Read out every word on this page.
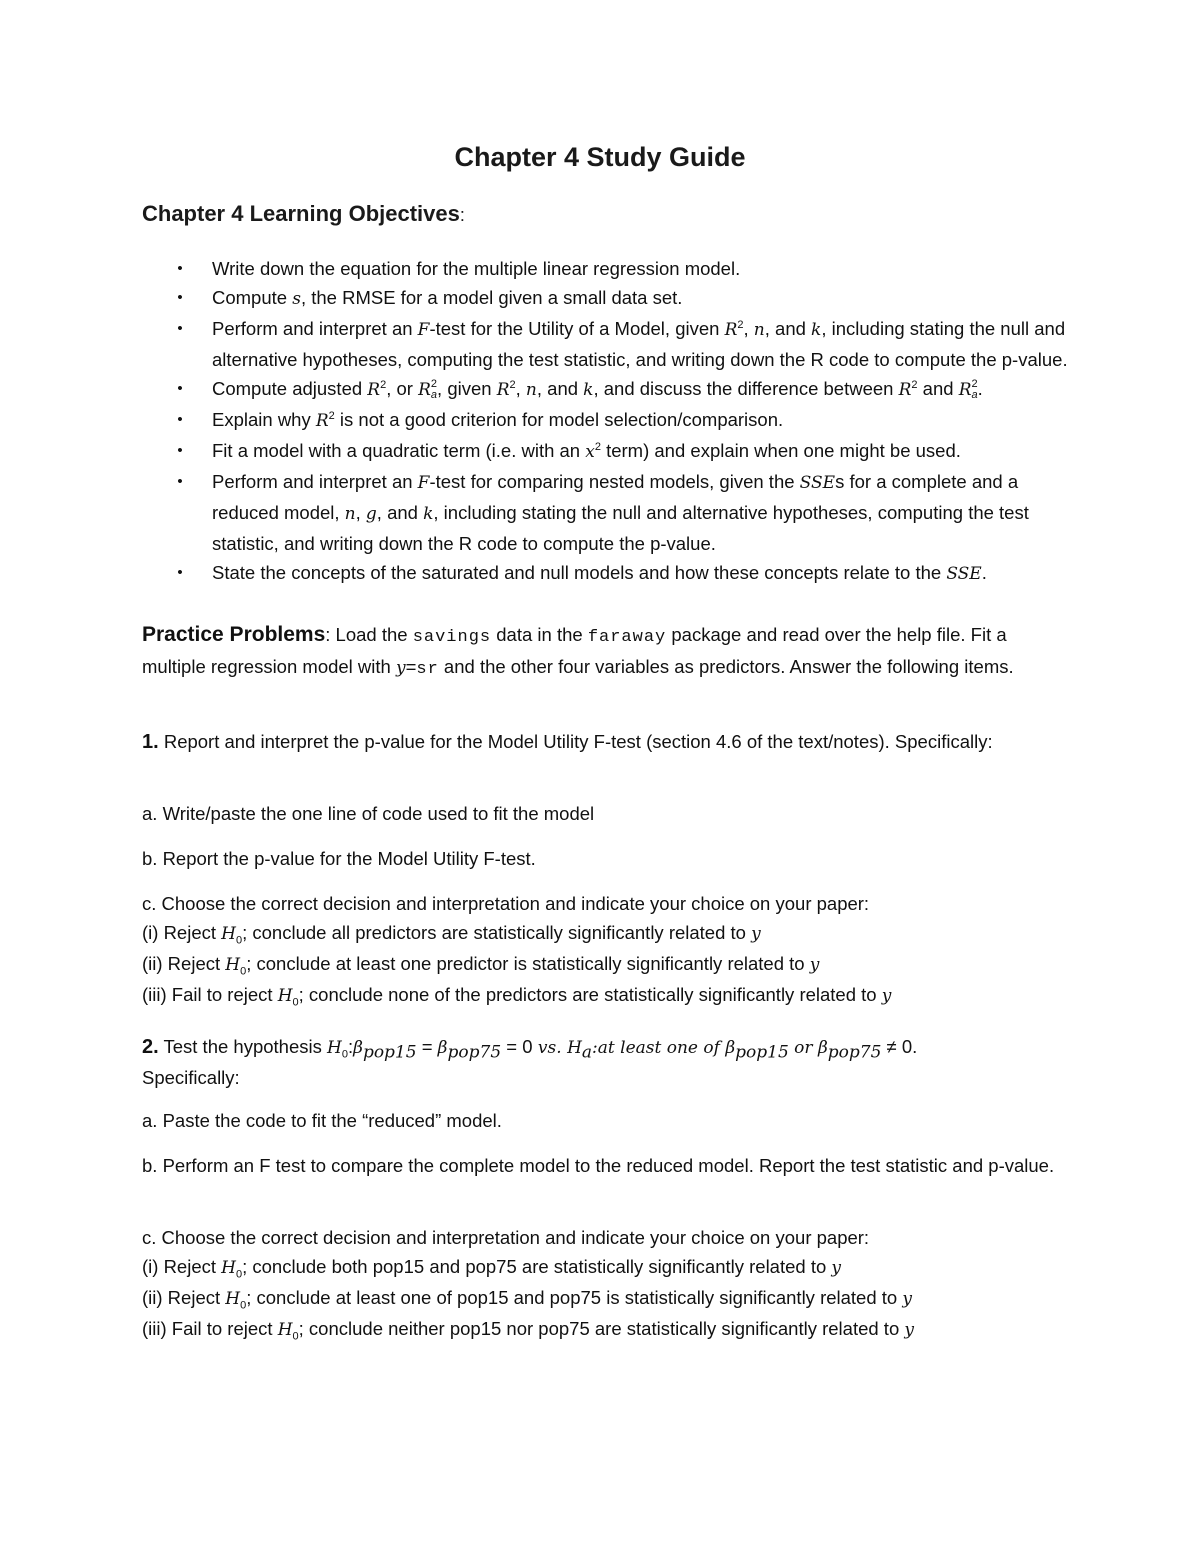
Chapter 4 Study Guide
Chapter 4 Learning Objectives:
•	Write down the equation for the multiple linear regression model.
•	Compute s, the RMSE for a model given a small data set.
•	Perform and interpret an F-test for the Utility of a Model, given $R^2$, n, and k, including stating the null and alternative hypotheses, computing the test statistic, and writing down the R code to compute the p-value.
•	Compute adjusted $R^2$, or R 2
a , given $R^2$, n, and k, and discuss the difference between $R^2$ and R 2
a .
•	Explain why $R^2$ is not a good criterion for model selection/comparison.
•	Fit a model with a quadratic term (i.e. with an $x^2$ term) and explain when one might be used.
•	Perform and interpret an F-test for comparing nested models, given the SSEs for a complete and a reduced model, n, g, and k, including stating the null and alternative hypotheses, computing the test statistic, and writing down the R code to compute the p-value.
•	State the concepts of the saturated and null models and how these concepts relate to the SSE.

Practice Problems: Load the savings data in the faraway package and read over the help file. Fit a multiple regression model with y=sr and the other four variables as predictors. Answer the following items.

1. Report and interpret the p-value for the Model Utility F-test (section 4.6 of the text/notes). Specifically:

a. Write/paste the one line of code used to fit the model

b. Report the p-value for the Model Utility F-test.

c. Choose the correct decision and interpretation and indicate your choice on your paper:
(i) Reject $H_0$; conclude all predictors are statistically significantly related to y
(ii) Reject $H_0$; conclude at least one predictor is statistically significantly related to y
(iii) Fail to reject $H_0$; conclude none of the predictors are statistically significantly related to y

2. Test the hypothesis $H_0:\beta_{pop15} = \beta_{pop75} = 0$ vs. $H_a:at$ least one of $\beta_{pop15}$ or $\beta_{pop75} \ne 0$.
Specifically:

a. Paste the code to fit the “reduced” model.

b. Perform an F test to compare the complete model to the reduced model. Report the test statistic and p-value.

c. Choose the correct decision and interpretation and indicate your choice on your paper:
(i) Reject $H_0$; conclude both pop15 and pop75 are statistically significantly related to y
(ii) Reject $H_0$; conclude at least one of pop15 and pop75 is statistically significantly related to y
(iii) Fail to reject $H_0$; conclude neither pop15 nor pop75 are statistically significantly related to y
